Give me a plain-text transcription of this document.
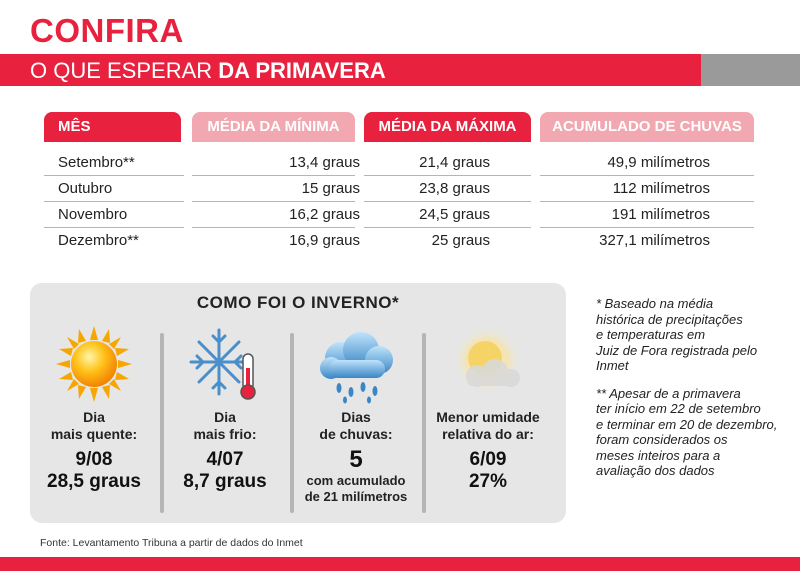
CONFIRA
O QUE ESPERAR DA PRIMAVERA
MÊS	MÉDIA DA MÍNIMA	MÉDIA DA MÁXIMA	ACUMULADO DE CHUVAS
Setembro**	13,4 graus	21,4 graus	49,9 milímetros
Outubro	15 graus	23,8 graus	112 milímetros
Novembro	16,2 graus	24,5 graus	191 milímetros
Dezembro**	16,9 graus	25 graus	327,1 milímetros
COMO FOI O INVERNO*
Dia
mais quente:
9/08
28,5 graus
Dia
mais frio:
4/07
8,7 graus
Dias
de chuvas:
5
com acumulado
de 21 milímetros
Menor umidade
relativa do ar:
6/09
27%

* Baseado na média
histórica de precipitações
e temperaturas em
Juiz de Fora registrada pelo
Inmet

** Apesar de a primavera
ter início em 22 de setembro
e terminar em 20 de dezembro,
foram considerados os
meses inteiros para a
avaliação dos dados

Fonte: Levantamento Tribuna a partir de dados do Inmet
